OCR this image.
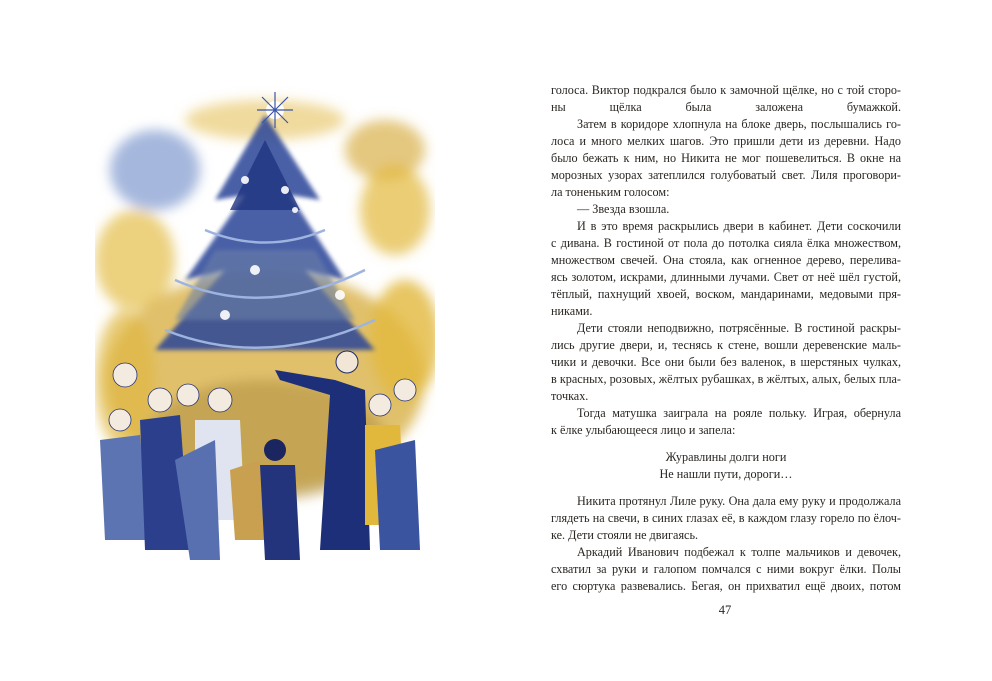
голоса. Виктор подкрался было к замочной щёлке, но с той сторо-
ны щёлка была заложена бумажкой.
Затем в коридоре хлопнула на блоке дверь, послышались го-
лоса и много мелких шагов. Это пришли дети из деревни. Надо
было бежать к ним, но Никита не мог пошевелиться. В окне на
морозных узорах затеплился голубоватый свет. Лиля проговори-
ла тоненьким голосом:
— Звезда взошла.
И в это время раскрылись двери в кабинет. Дети соскочили
с дивана. В гостиной от пола до потолка сияла ёлка множеством,
множеством свечей. Она стояла, как огненное дерево, перелива-
ясь золотом, искрами, длинными лучами. Свет от неё шёл густой,
тёплый, пахнущий хвоей, воском, мандаринами, медовыми пря-
никами.
Дети стояли неподвижно, потрясённые. В гостиной раскры-
лись другие двери, и, теснясь к стене, вошли деревенские маль-
чики и девочки. Все они были без валенок, в шерстяных чулках,
в красных, розовых, жёлтых рубашках, в жёлтых, алых, белых пла-
точках.
Тогда матушка заиграла на рояле польку. Играя, обернула
к ёлке улыбающееся лицо и запела:
Журавлины долги ноги
Не нашли пути, дороги…
Никита протянул Лиле руку. Она дала ему руку и продолжала
глядеть на свечи, в синих глазах её, в каждом глазу горело по ёлоч-
ке. Дети стояли не двигаясь.
Аркадий Иванович подбежал к толпе мальчиков и девочек,
схватил за руки и галопом помчался с ними вокруг ёлки. Полы
его сюртука развевались. Бегая, он прихватил ещё двоих, потом
47
